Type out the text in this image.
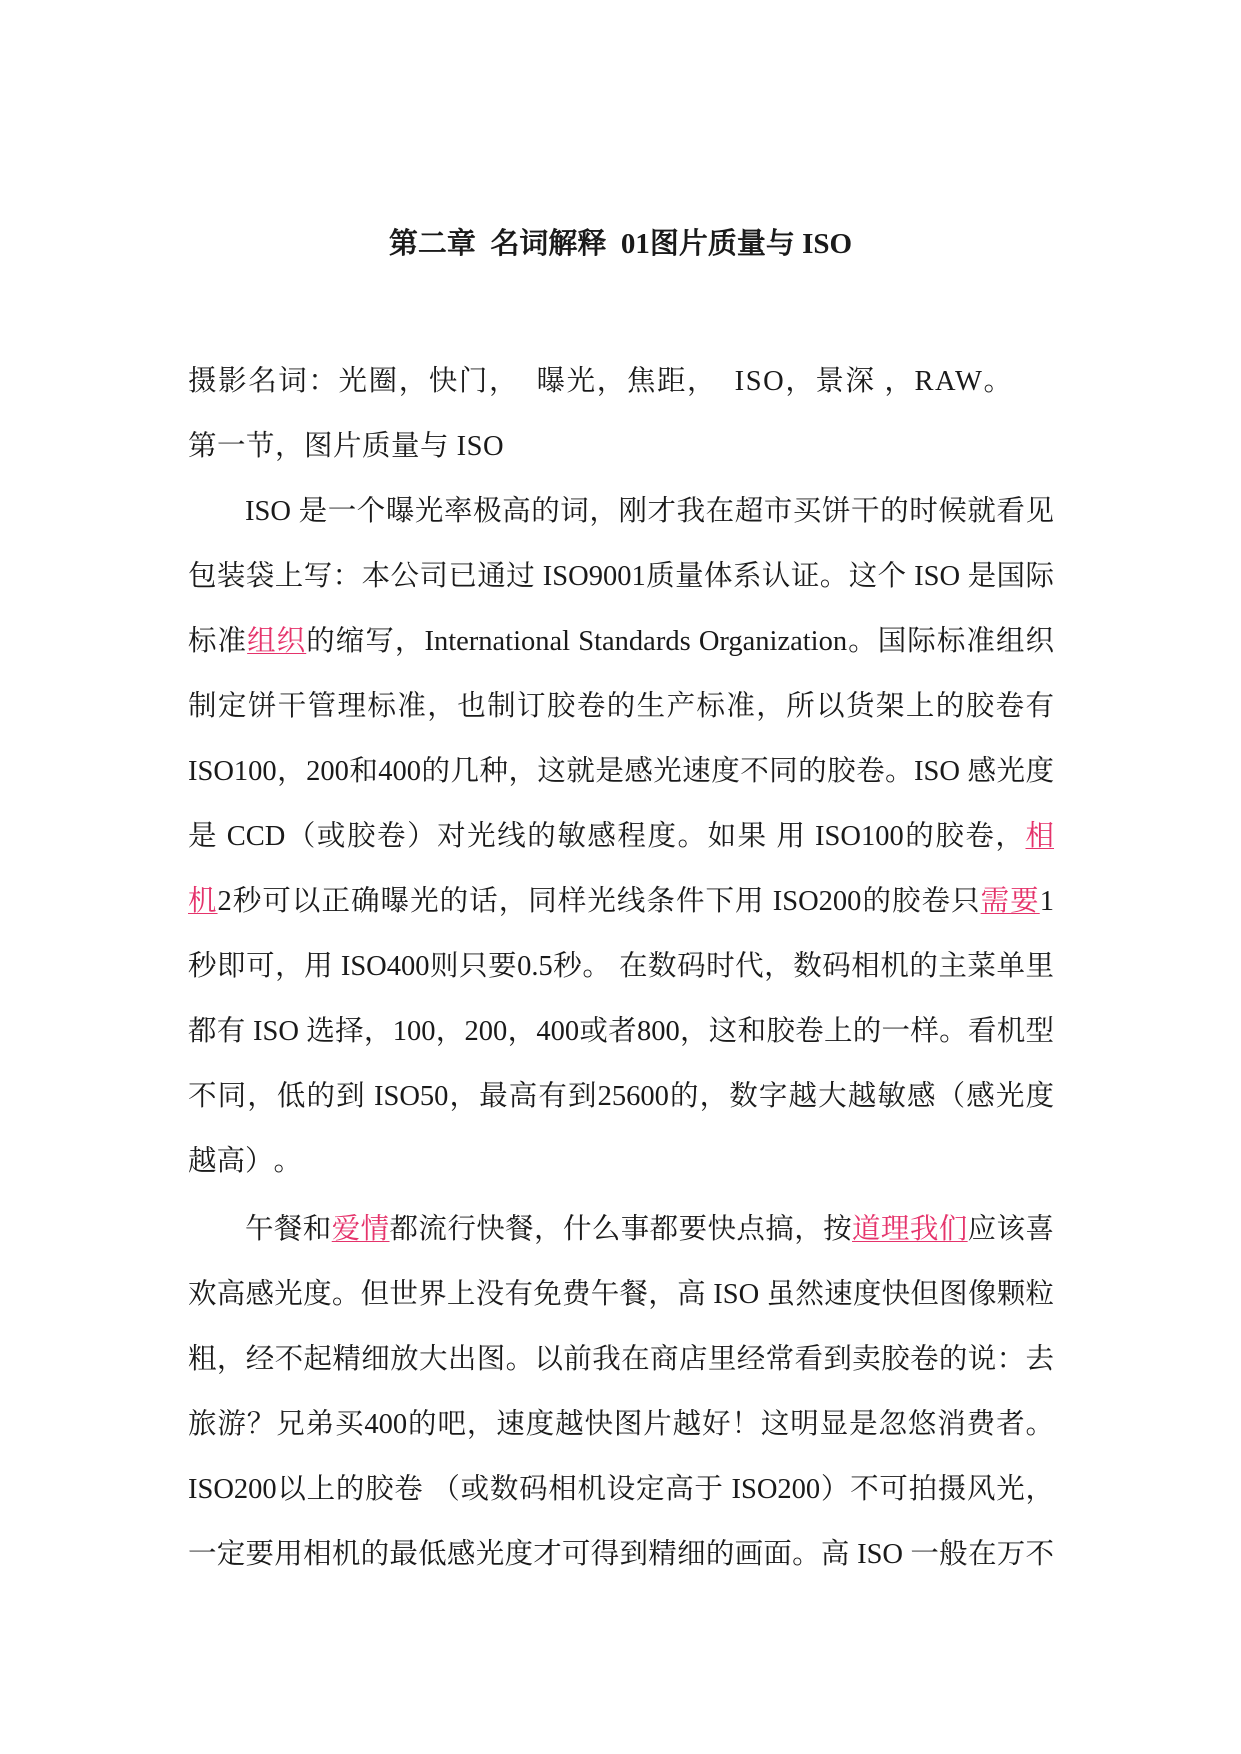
第二章  名词解释  01图片质量与 ISO
摄影名词：光圈，快门，  曝光，焦距，  ISO，景深 ，RAW。
第一节，图片质量与 ISO
ISO 是一个曝光率极高的词，刚才我在超市买饼干的时候就看见
包装袋上写：本公司已通过 ISO9001质量体系认证。这个 ISO 是国际
标准组织的缩写，International Standards Organization。国际标准组织
制定饼干管理标准，也制订胶卷的生产标准，所以货架上的胶卷有
ISO100，200和400的几种，这就是感光速度不同的胶卷。ISO 感光度
是 CCD（或胶卷）对光线的敏感程度。如果 用 ISO100的胶卷，相
机2秒可以正确曝光的话，同样光线条件下用 ISO200的胶卷只需要1
秒即可，用 ISO400则只要0.5秒。 在数码时代，数码相机的主菜单里
都有 ISO 选择，100，200，400或者800，这和胶卷上的一样。看机型
不同，低的到 ISO50，最高有到25600的，数字越大越敏感（感光度
越高）。
午餐和爱情都流行快餐，什么事都要快点搞，按道理我们应该喜
欢高感光度。但世界上没有免费午餐，高 ISO 虽然速度快但图像颗粒
粗，经不起精细放大出图。以前我在商店里经常看到卖胶卷的说：去
旅游？兄弟买400的吧，速度越快图片越好！这明显是忽悠消费者。
ISO200以上的胶卷 （或数码相机设定高于 ISO200）不可拍摄风光，
一定要用相机的最低感光度才可得到精细的画面。高 ISO 一般在万不
